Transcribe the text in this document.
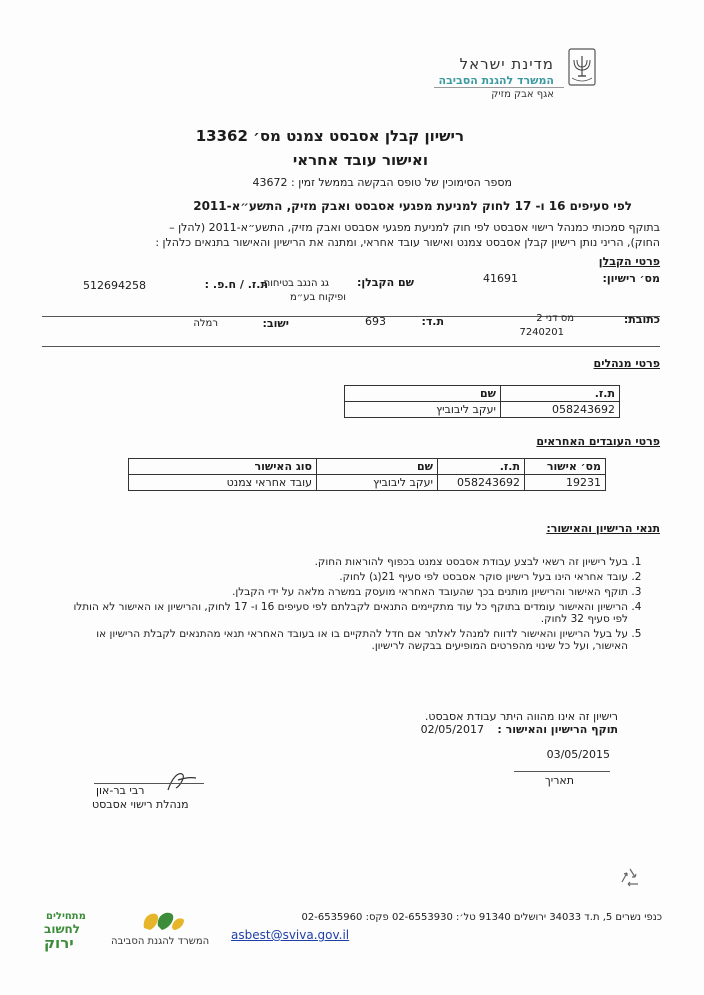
מדינת ישראל
המשרד להגנת הסביבה
אגף אבק מזיק
רישיון קבלן אסבסט צמנט מס׳ 13362
ואישור עובד אחראי
מספר הסימוכין של טופס הבקשה בממשל זמין : 43672
לפי סעיפים 16 ו- 17 לחוק למניעת מפגעי אסבסט ואבק מזיק, התשע״א-2011
בתוקף סמכותי כמנהל רישוי אסבסט לפי חוק למניעת מפגעי אסבסט ואבק מזיק, התשע״א-2011 (להלן –
החוק), הריני נותן רישיון קבלן אסבסט צמנט ואישור עובד אחראי, ומתנה את הרישיון והאישור בתנאים כלהלן :
פרטי הקבלן
מס׳ רישיון:
41691
שם הקבלן:
גג הנגב בטיחות
ופיקוח בע״מ
ת.ז. / ח.פ. :
512694258
כתובת:
מס דני 2
7240201
ת.ד:
693
ישוב:
רמלה
פרטי מנהלים
ת.ז.	שם
058243692	יעקב ליבוביץ
פרטי העובדים האחראים
מס׳ אישור	ת.ז.	שם	סוג האישור
19231	058243692	יעקב ליבוביץ	עובד אחראי צמנט
תנאי הרישיון והאישור:
1. בעל רישיון זה רשאי לבצע עבודת אסבסט צמנט בכפוף להוראות החוק.
2. עובד אחראי הינו בעל רישיון סוקר אסבסט לפי סעיף 21(ג) לחוק.
3. תוקף האישור והרישיון מותנים בכך שהעובד האחראי מועסק במשרה מלאה על ידי הקבלן.
4. הרישיון והאישור עומדים בתוקף כל עוד מתקיימים התנאים לקבלתם לפי סעיפים 16 ו- 17 לחוק, והרישיון או האישור לא הותלו לפי סעיף 32 לחוק.
5. על בעל הרישיון והאישור לדווח למנהל לאלתר אם חדל להתקיים בו או בעובד האחראי תנאי מהתנאים לקבלת הרישיון או האישור, ועל כל שינוי מהפרטים המופיעים בבקשה לרישיון.
רישיון זה אינו מהווה היתר עבודת אסבסט.
תוקף הרישיון והאישור :
02/05/2017
03/05/2015
תאריך
רבי בר-און
מנהלת רישוי אסבסט
כנפי נשרים 5, ת.ד 34033 ירושלים 91340 טל׳: 02-6553930 פקס: 02-6535960
asbest@sviva.gov.il
המשרד להגנת הסביבה
מתחילים
לחשוב
ירוק
